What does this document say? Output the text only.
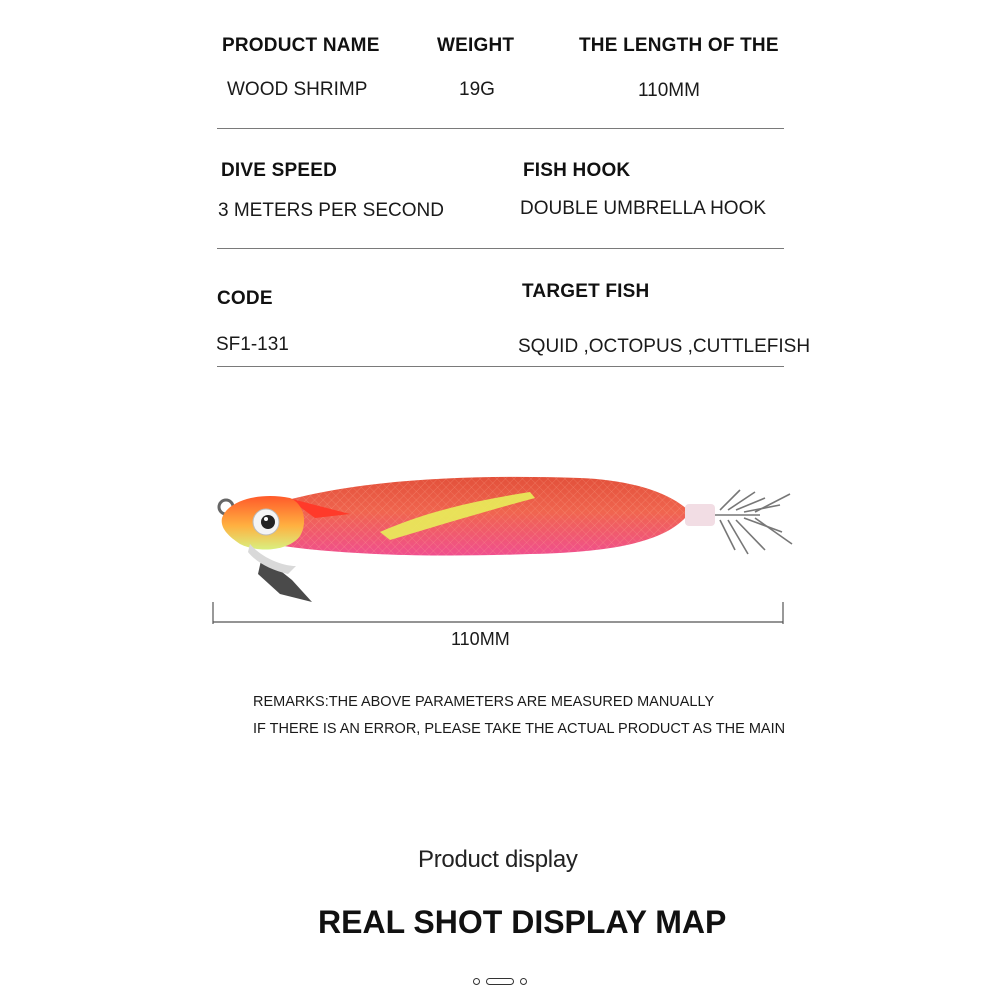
PRODUCT NAME	WEIGHT	THE LENGTH OF THE
WOOD SHRIMP	19G	110MM
DIVE SPEED	FISH HOOK
3 METERS PER SECOND	DOUBLE UMBRELLA HOOK
CODE	TARGET FISH
SF1-131	SQUID ,OCTOPUS ,CUTTLEFISH
110MM
REMARKS:THE ABOVE PARAMETERS ARE MEASURED MANUALLY
IF THERE IS AN ERROR, PLEASE TAKE THE ACTUAL PRODUCT AS THE MAIN
Product display
REAL SHOT DISPLAY MAP
